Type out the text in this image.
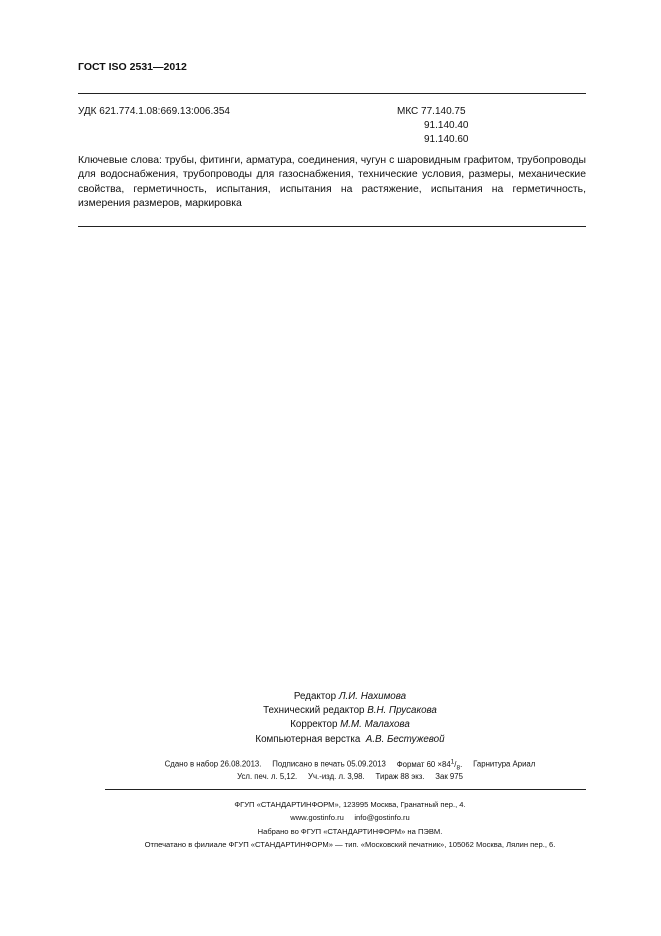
ГОСТ ISO 2531—2012
УДК 621.774.1.08:669.13:006.354	МКС 77.140.75
91.140.40
91.140.60
Ключевые слова: трубы, фитинги, арматура, соединения, чугун с шаровидным графитом, трубопроводы для водоснабжения, трубопроводы для газоснабжения, технические условия, размеры, механические свойства, герметичность, испытания, испытания на растяжение, испытания на герметичность, измерения размеров, маркировка
Редактор Л.И. Нахимова
Технический редактор В.Н. Прусакова
Корректор М.М. Малахова
Компьютерная верстка А.В. Бестужевой
Сдано в набор 26.08.2013. Подписано в печать 05.09.2013 Формат $60 \times 84^1/_8$. Гарнитура Ариал
Усл. печ. л. 5,12. Уч.-изд. л. 3,98. Тираж 88 экз. Зак 975
ФГУП «СТАНДАРТИНФОРМ», 123995 Москва, Гранатный пер., 4.
www.gostinfo.ru     info@gostinfo.ru
Набрано во ФГУП «СТАНДАРТИНФОРМ» на ПЭВМ.
Отпечатано в филиале ФГУП «СТАНДАРТИНФОРМ» — тип. «Московский печатник», 105062 Москва, Лялин пер., 6.
